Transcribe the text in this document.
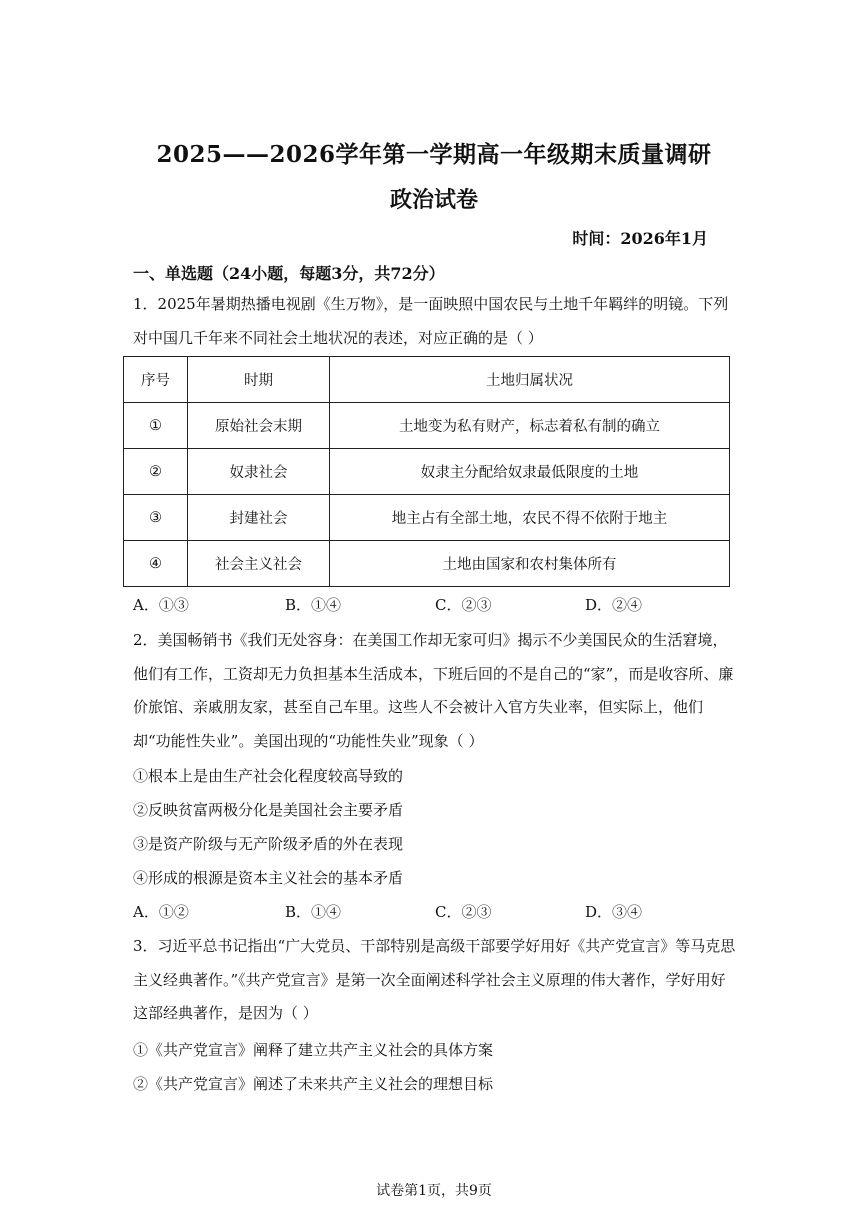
2025——2026学年第一学期高一年级期末质量调研
政治试卷
时间：2026年1月
一、单选题（24小题，每题3分，共72分）
1．2025年暑期热播电视剧《生万物》，是一面映照中国农民与土地千年羁绊的明镜。下列对中国几千年来不同社会土地状况的表述，对应正确的是（ ）
序号	时期	土地归属状况
①	原始社会末期	土地变为私有财产，标志着私有制的确立
②	奴隶社会	奴隶主分配给奴隶最低限度的土地
③	封建社会	地主占有全部土地，农民不得不依附于地主
④	社会主义社会	土地由国家和农村集体所有
A．①③	B．①④	C．②③	D．②④
2．美国畅销书《我们无处容身：在美国工作却无家可归》揭示不少美国民众的生活窘境，他们有工作，工资却无力负担基本生活成本，下班后回的不是自己的“家”，而是收容所、廉价旅馆、亲戚朋友家，甚至自己车里。这些人不会被计入官方失业率，但实际上，他们却“功能性失业”。美国出现的“功能性失业”现象（ ）
①根本上是由生产社会化程度较高导致的
②反映贫富两极分化是美国社会主要矛盾
③是资产阶级与无产阶级矛盾的外在表现
④形成的根源是资本主义社会的基本矛盾
A．①②	B．①④	C．②③	D．③④
3．习近平总书记指出“广大党员、干部特别是高级干部要学好用好《共产党宣言》等马克思主义经典著作。”《共产党宣言》是第一次全面阐述科学社会主义原理的伟大著作，学好用好这部经典著作，是因为（ ）
①《共产党宣言》阐释了建立共产主义社会的具体方案
②《共产党宣言》阐述了未来共产主义社会的理想目标
试卷第1页，共9页
